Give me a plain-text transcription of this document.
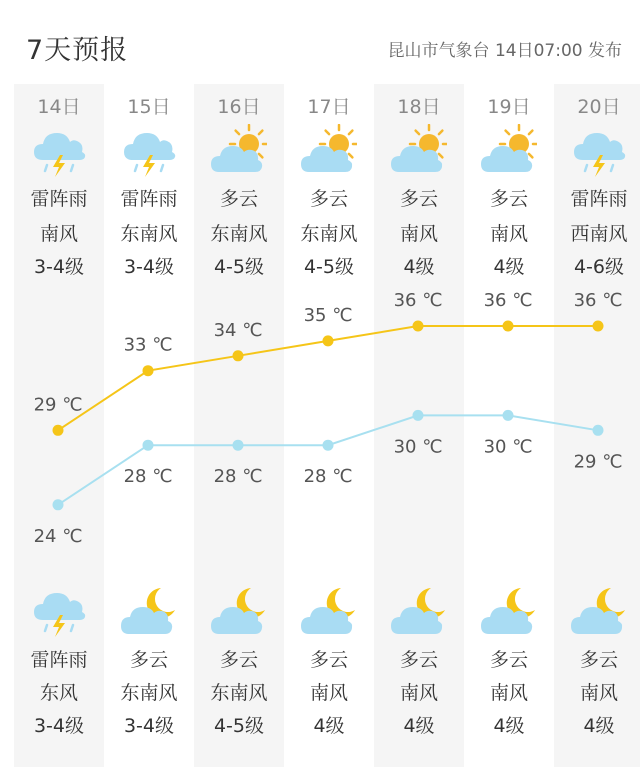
7天预报	昆山市气象台 14日07:00 发布
14日
雷阵雨
南风
3-4级
雷阵雨
东风
3-4级
15日
雷阵雨
东南风
3-4级
多云
东南风
3-4级
16日
多云
东南风
4-5级
多云
东南风
4-5级
17日
多云
东南风
4-5级
多云
南风
4级
18日
多云
南风
4级
多云
南风
4级
19日
多云
南风
4级
多云
南风
4级
20日
雷阵雨
西南风
4-6级
多云
南风
4级
29 ℃
33 ℃
34 ℃
35 ℃
36 ℃ 36 ℃ 36 ℃
24 ℃
28 ℃ 28 ℃ 28 ℃
30 ℃ 30 ℃
29 ℃
